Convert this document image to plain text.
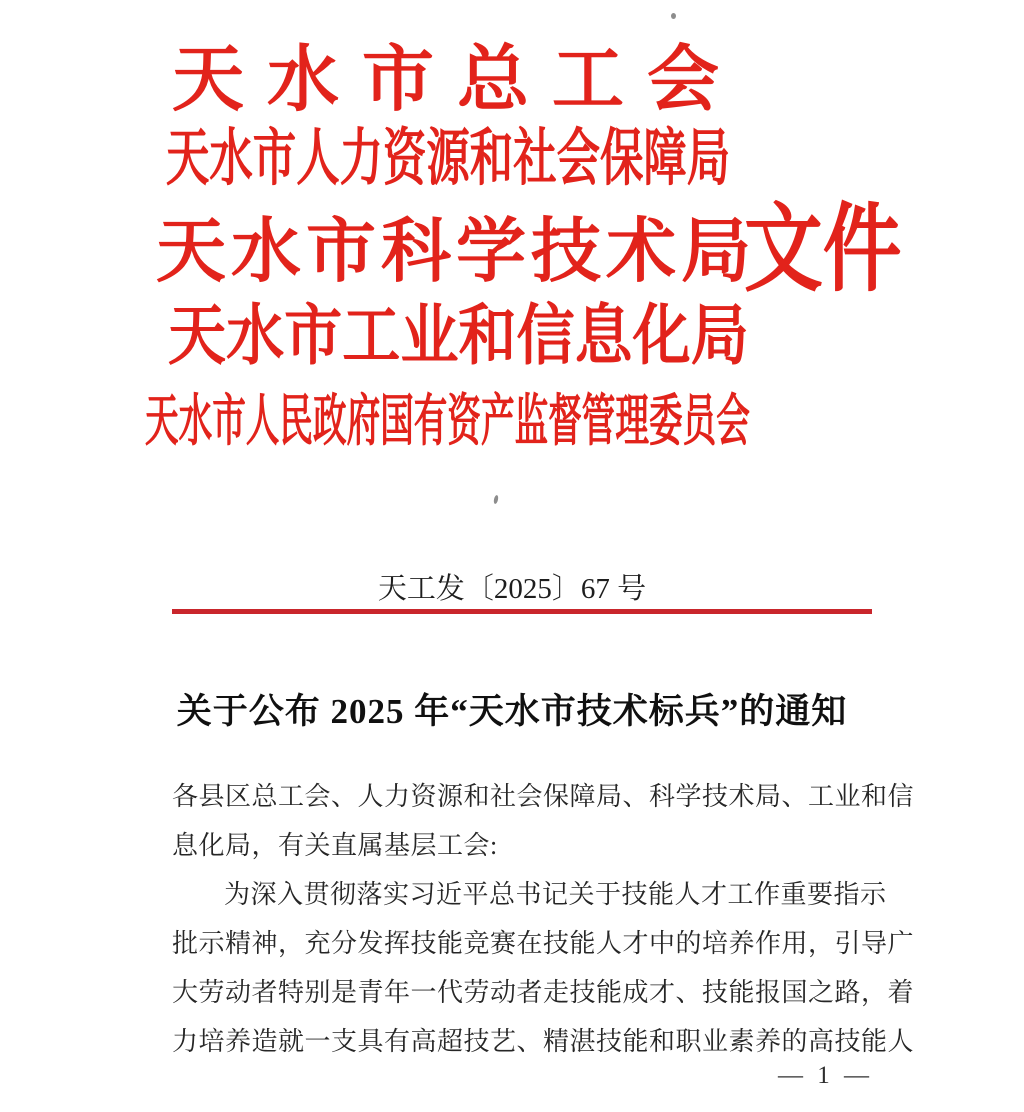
天水市总工会
天水市人力资源和社会保障局
天水市科学技术局
文件
天水市工业和信息化局
天水市人民政府国有资产监督管理委员会
天工发〔2025〕67 号
关于公布 2025 年“天水市技术标兵”的通知

各县区总工会、人力资源和社会保障局、科学技术局、工业和信

息化局，有关直属基层工会:

为深入贯彻落实习近平总书记关于技能人才工作重要指示

批示精神，充分发挥技能竞赛在技能人才中的培养作用，引导广

大劳动者特别是青年一代劳动者走技能成才、技能报国之路，着

力培养造就一支具有高超技艺、精湛技能和职业素养的高技能人

— 1 —
